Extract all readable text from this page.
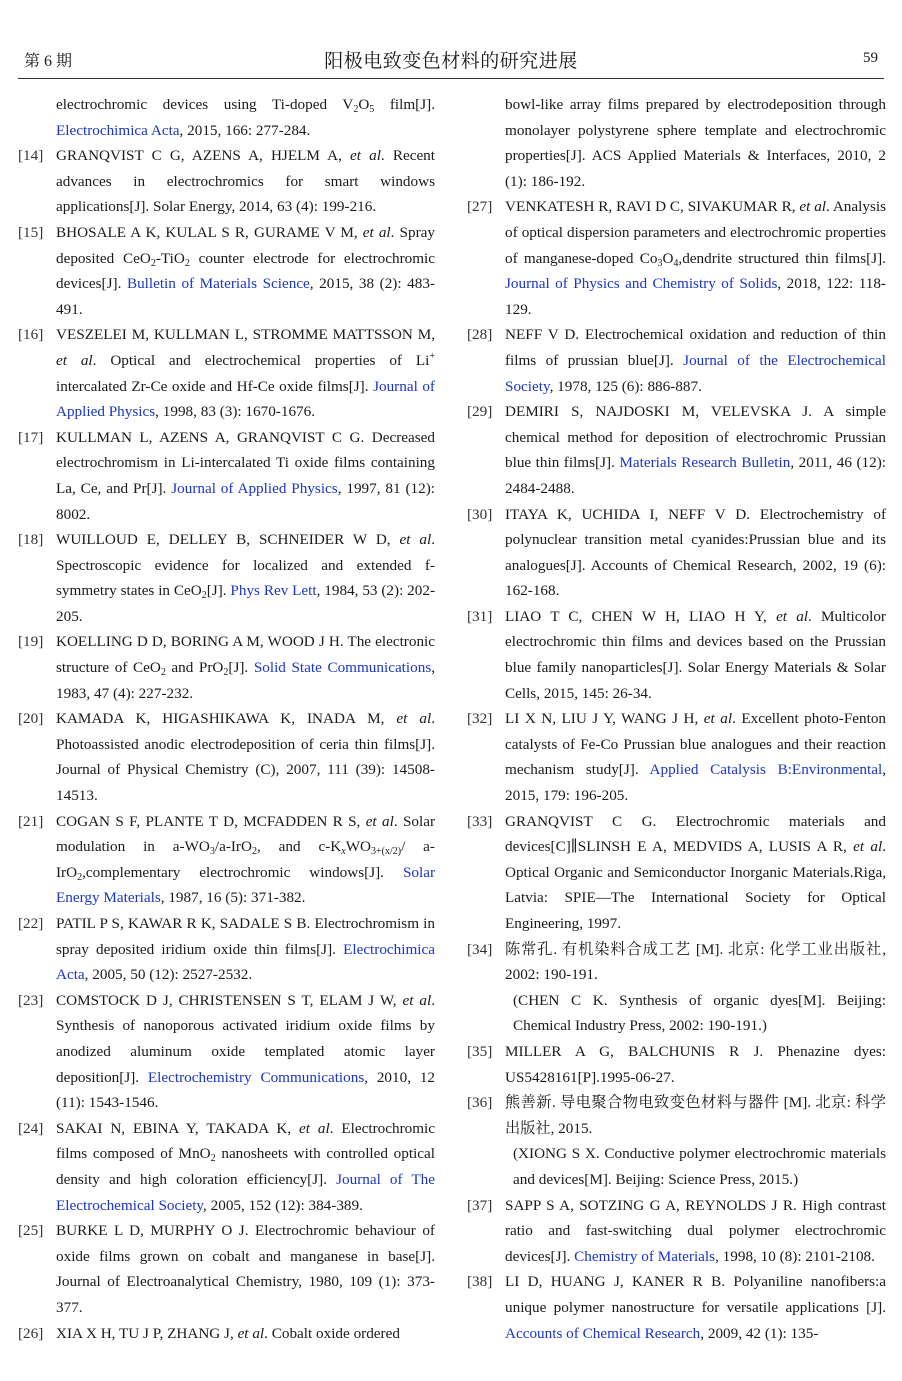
第 6 期	阳极电致变色材料的研究进展	59
electrochromic devices using Ti-doped $V_2O_5$ film[J]. Electrochimica Acta, 2015, 166: 277-284.
[14] GRANQVIST C G, AZENS A, HJELM A, et al. Recent advances in electrochromics for smart windows applications[J]. Solar Energy, 2014, 63 (4): 199-216.
[15] BHOSALE A K, KULAL S R, GURAME V M, et al. Spray deposited CeO$_2$-TiO$_2$ counter electrode for electrochromic devices[J]. Bulletin of Materials Science, 2015, 38 (2): 483-491.
[16] VESZELEI M, KULLMAN L, STROMME MATTSSON M, et al. Optical and electrochemical properties of Li+ intercalated Zr-Ce oxide and Hf-Ce oxide films[J]. Journal of Applied Physics, 1998, 83 (3): 1670-1676.
[17] KULLMAN L, AZENS A, GRANQVIST C G. Decreased electrochromism in Li-intercalated Ti oxide films containing La, Ce, and Pr[J]. Journal of Applied Physics, 1997, 81 (12): 8002.
[18] WUILLOUD E, DELLEY B, SCHNEIDER W D, et al. Spectroscopic evidence for localized and extended f-symmetry states in CeO$_2$[J]. Phys Rev Lett, 1984, 53 (2): 202-205.
[19] KOELLING D D, BORING A M, WOOD J H. The electronic structure of CeO$_2$ and PrO$_2$[J]. Solid State Communications, 1983, 47 (4): 227-232.
[20] KAMADA K, HIGASHIKAWA K, INADA M, et al. Photoassisted anodic electrodeposition of ceria thin films[J]. Journal of Physical Chemistry (C), 2007, 111 (39): 14508-14513.
[21] COGAN S F, PLANTE T D, MCFADDEN R S, et al. Solar modulation in $a-WO_3/a-IrO_2$, and $c-K_xWO_{3+(x/2)}/$ a- IrO$_2$,complementary electrochromic windows[J]. Solar Energy Materials, 1987, 16 (5): 371-382.
[22] PATIL P S, KAWAR R K, SADALE S B. Electrochromism in spray deposited iridium oxide thin films[J]. Electrochimica Acta, 2005, 50 (12): 2527-2532.
[23] COMSTOCK D J, CHRISTENSEN S T, ELAM J W, et al. Synthesis of nanoporous activated iridium oxide films by anodized aluminum oxide templated atomic layer deposition[J]. Electrochemistry Communications, 2010, 12 (11): 1543-1546.
[24] SAKAI N, EBINA Y, TAKADA K, et al. Electrochromic films composed of MnO$_2$ nanosheets with controlled optical density and high coloration efficiency[J]. Journal of The Electrochemical Society, 2005, 152 (12): 384-389.
[25] BURKE L D, MURPHY O J. Electrochromic behaviour of oxide films grown on cobalt and manganese in base[J]. Journal of Electroanalytical Chemistry, 1980, 109 (1): 373-377.
[26] XIA X H, TU J P, ZHANG J, et al. Cobalt oxide ordered
bowl-like array films prepared by electrodeposition through monolayer polystyrene sphere template and electrochromic properties[J]. ACS Applied Materials & Interfaces, 2010, 2 (1): 186-192.
[27] VENKATESH R, RAVI D C, SIVAKUMAR R, et al. Analysis of optical dispersion parameters and electrochromic properties of manganese-doped $Co_3O_4,dendrite$ structured thin films[J]. Journal of Physics and Chemistry of Solids, 2018, 122: 118-129.
[28] NEFF V D. Electrochemical oxidation and reduction of thin films of prussian blue[J]. Journal of the Electrochemical Society, 1978, 125 (6): 886-887.
[29] DEMIRI S, NAJDOSKI M, VELEVSKA J. A simple chemical method for deposition of electrochromic Prussian blue thin films[J]. Materials Research Bulletin, 2011, 46 (12): 2484-2488.
[30] ITAYA K, UCHIDA I, NEFF V D. Electrochemistry of polynuclear transition metal cyanides:Prussian blue and its analogues[J]. Accounts of Chemical Research, 2002, 19 (6): 162-168.
[31] LIAO T C, CHEN W H, LIAO H Y, et al. Multicolor electrochromic thin films and devices based on the Prussian blue family nanoparticles[J]. Solar Energy Materials & Solar Cells, 2015, 145: 26-34.
[32] LI X N, LIU J Y, WANG J H, et al. Excellent photo-Fenton catalysts of Fe-Co Prussian blue analogues and their reaction mechanism study[J]. Applied Catalysis B:Environmental, 2015, 179: 196-205.
[33] GRANQVIST C G. Electrochromic materials and devices[C]∥SLINSH E A, MEDVIDS A, LUSIS A R, et al. Optical Organic and Semiconductor Inorganic Materials.Riga, Latvia: SPIE—The International Society for Optical Engineering, 1997.
[34] 陈常孔. 有机染料合成工艺 [M]. 北京: 化学工业出版社, 2002: 190-191.
(CHEN C K. Synthesis of organic dyes[M]. Beijing: Chemical Industry Press, 2002: 190-191.)
[35] MILLER A G, BALCHUNIS R J. Phenazine dyes: US5428161[P].1995-06-27.
[36] 熊善新. 导电聚合物电致变色材料与器件 [M]. 北京: 科学出版社, 2015.
(XIONG S X. Conductive polymer electrochromic materials and devices[M]. Beijing: Science Press, 2015.)
[37] SAPP S A, SOTZING G A, REYNOLDS J R. High contrast ratio and fast-switching dual polymer electrochromic devices[J]. Chemistry of Materials, 1998, 10 (8): 2101-2108.
[38] LI D, HUANG J, KANER R B. Polyaniline nanofibers:a unique polymer nanostructure for versatile applications [J]. Accounts of Chemical Research, 2009, 42 (1): 135-
